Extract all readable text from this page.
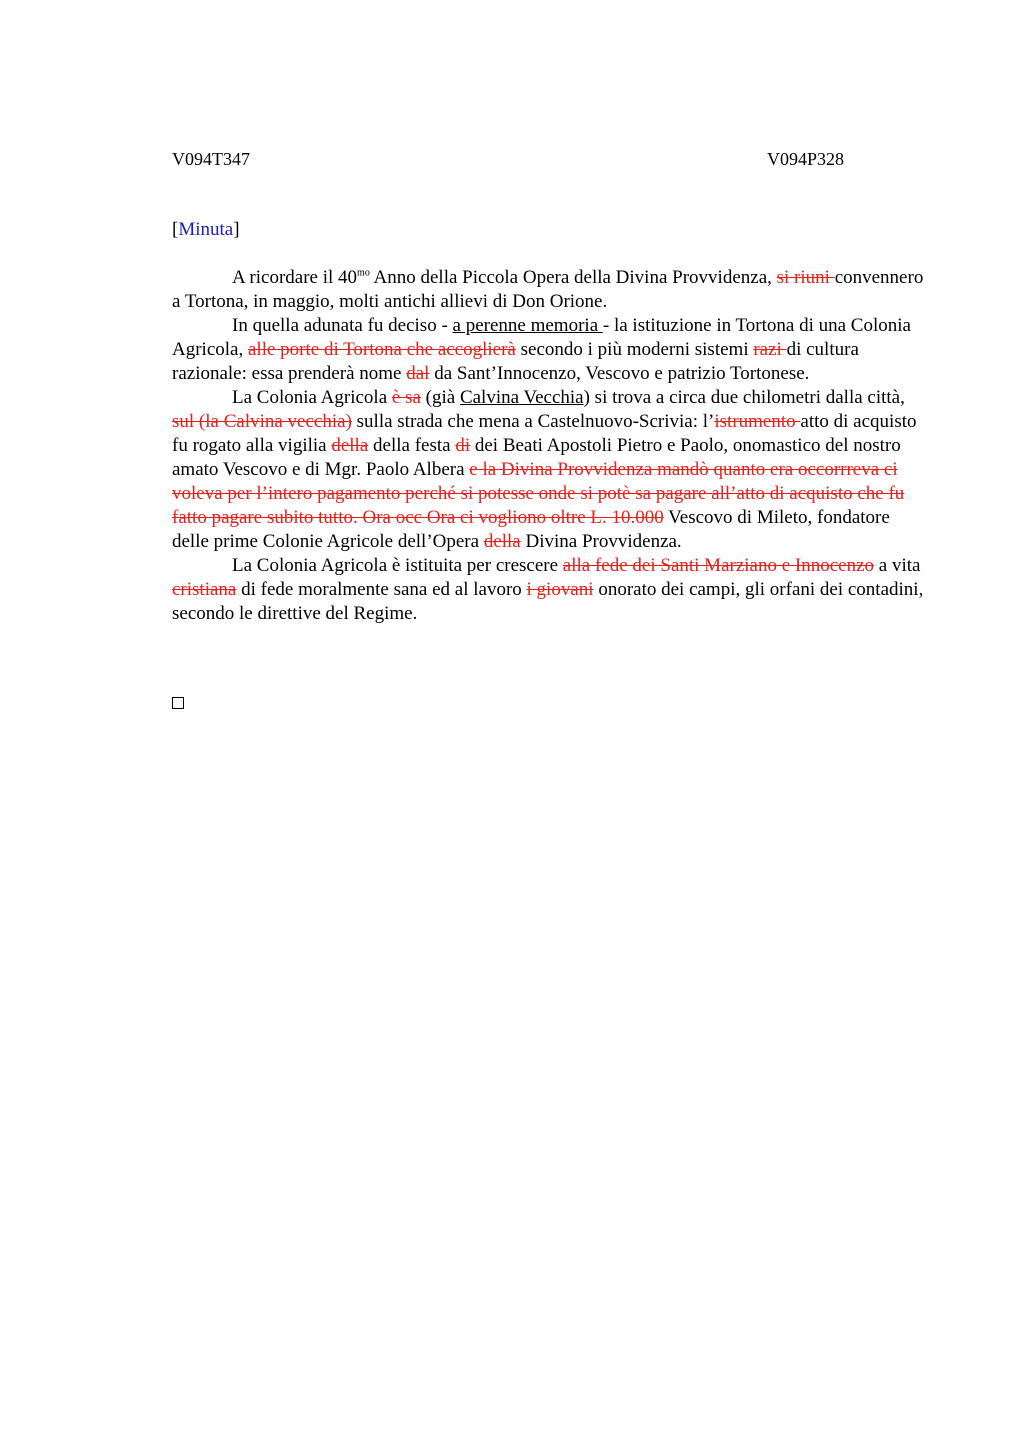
V094T347	V094P328
[Minuta]

A ricordare il $40^{mo}$ Anno della Piccola Opera della Divina Provvidenza, si riuni convennero a Tortona, in maggio, molti antichi allievi di Don Orione.

In quella adunata fu deciso - a perenne memoria - la istituzione in Tortona di una Colonia Agricola, alle porte di Tortona che accoglierà secondo i più moderni sistemi razi di cultura razionale: essa prenderà nome dal da Sant’Innocenzo, Vescovo e patrizio Tortonese.

La Colonia Agricola è sa (già Calvina Vecchia) si trova a circa due chilometri dalla città, sul (la Calvina vecchia) sulla strada che mena a Castelnuovo-Scrivia: l’istrumento atto di acquisto fu rogato alla vigilia della della festa di dei Beati Apostoli Pietro e Paolo, onomastico del nostro amato Vescovo e di Mgr. Paolo Albera e la Divina Provvidenza mandò quanto era occorrreva ci voleva per l’intero pagamento perché si potesse onde si potè sa pagare all’atto di acquisto che fu fatto pagare subito tutto. Ora occ Ora ci vogliono oltre L. 10.000 Vescovo di Mileto, fondatore delle prime Colonie Agricole dell’Opera della Divina Provvidenza.

La Colonia Agricola è istituita per crescere alla fede dei Santi Marziano e Innocenzo a vita cristiana di fede moralmente sana ed al lavoro i giovani onorato dei campi, gli orfani dei contadini, secondo le direttive del Regime.
